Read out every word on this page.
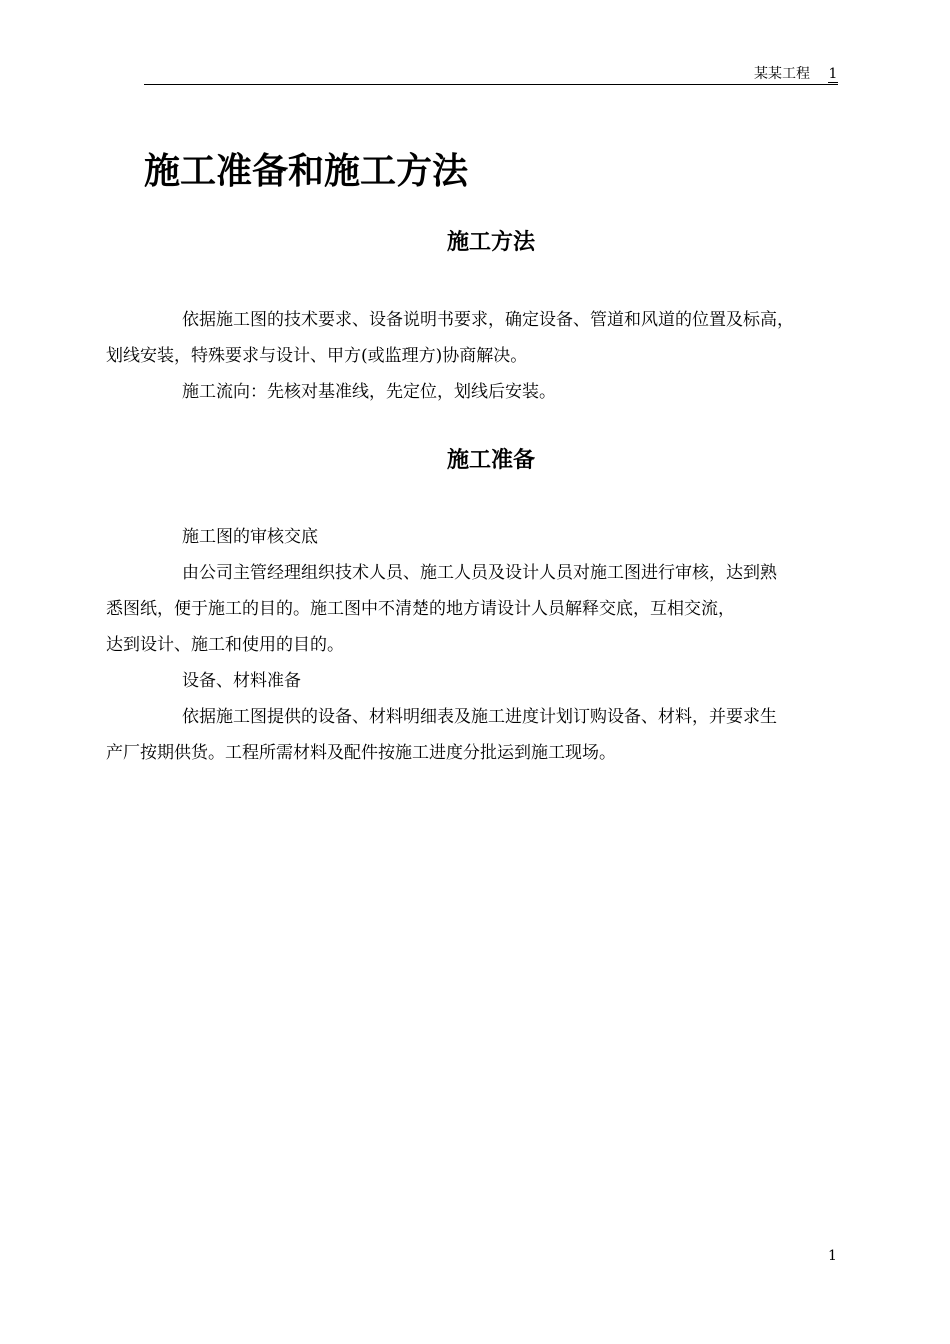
某某工程 1
施工准备和施工方法
施工方法

依据施工图的技术要求、设备说明书要求，确定设备、管道和风道的位置及标高，
划线安装，特殊要求与设计、甲方(或监理方)协商解决。

施工流向：先核对基准线，先定位，划线后安装。

施工准备

施工图的审核交底

由公司主管经理组织技术人员、施工人员及设计人员对施工图进行审核，达到熟
悉图纸，便于施工的目的。施工图中不清楚的地方请设计人员解释交底，互相交流，
达到设计、施工和使用的目的。

设备、材料准备

依据施工图提供的设备、材料明细表及施工进度计划订购设备、材料，并要求生
产厂按期供货。工程所需材料及配件按施工进度分批运到施工现场。

1
